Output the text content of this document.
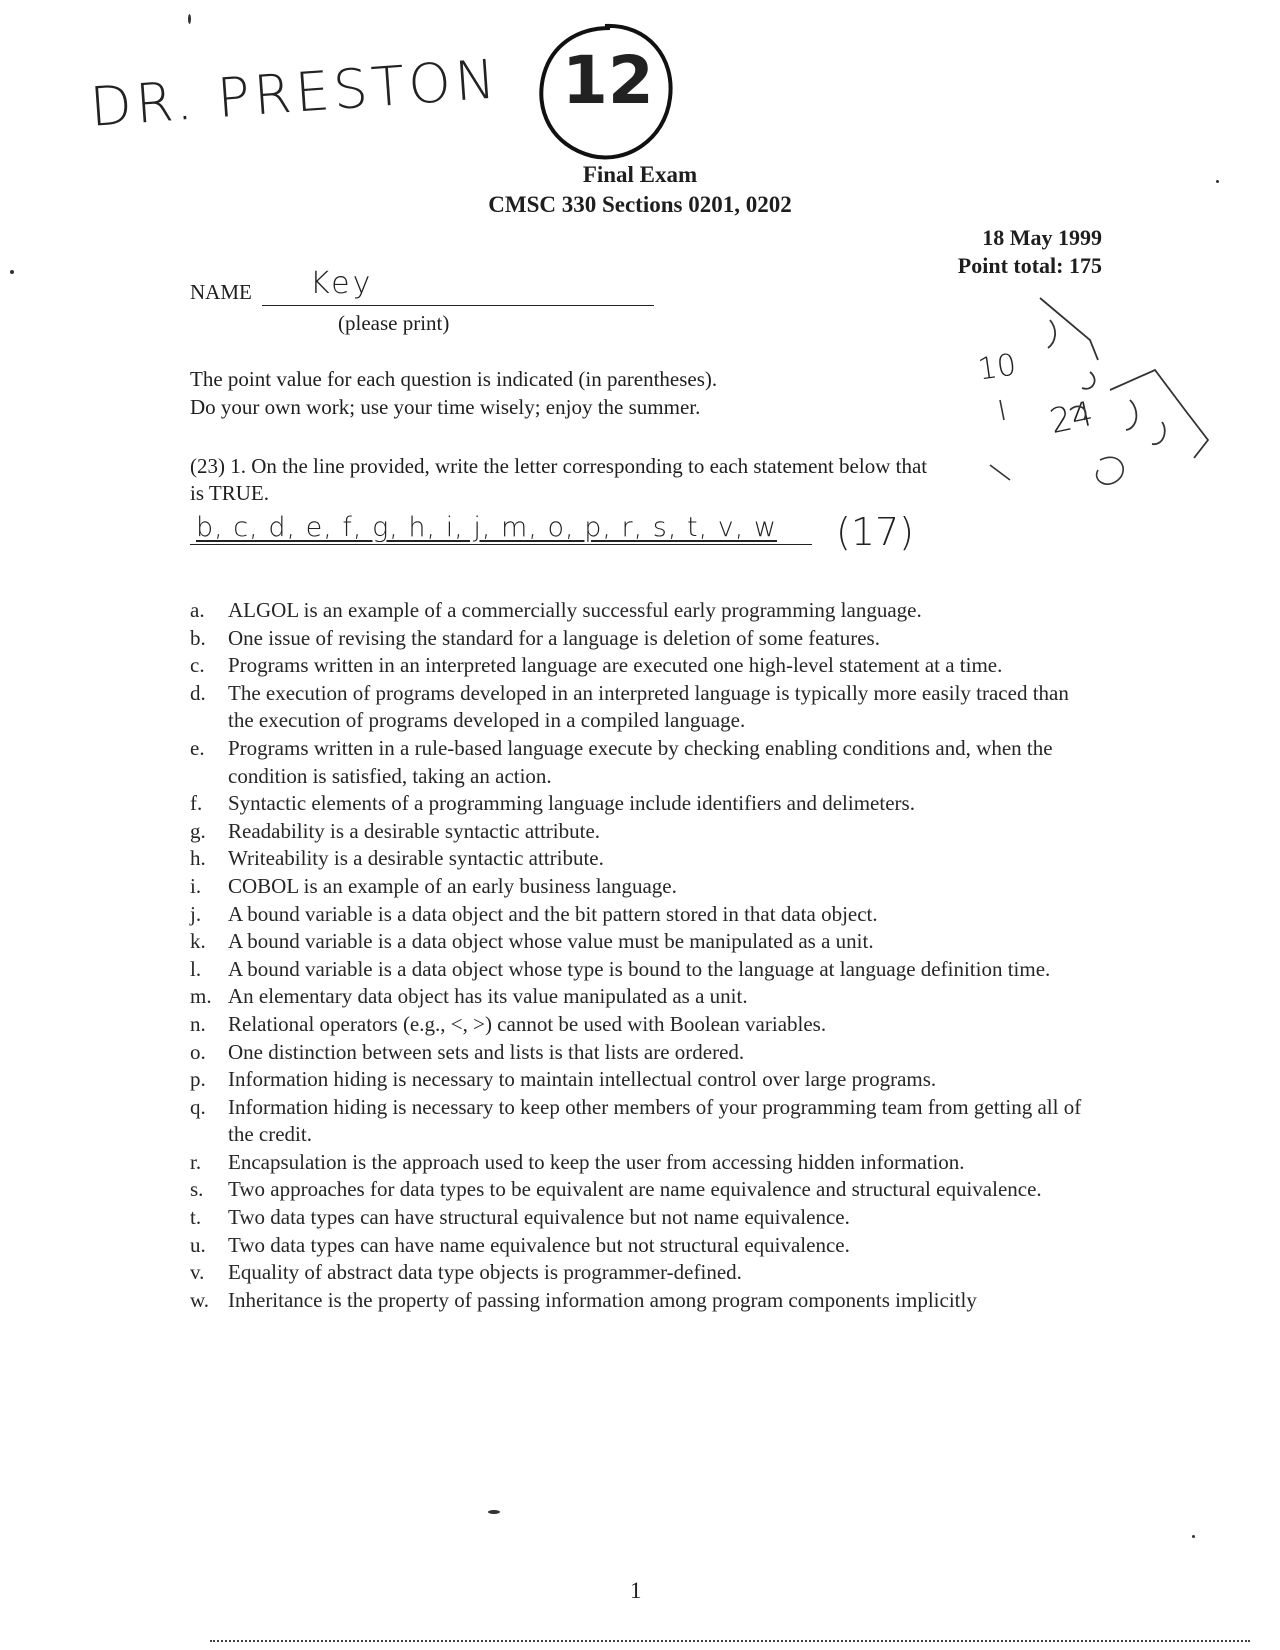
DR. PRESTON 12
Final Exam
CMSC 330 Sections 0201, 0202
18 May 1999
Point total: 175
NAME Key
(please print)
The point value for each question is indicated (in parentheses).
Do your own work; use your time wisely; enjoy the summer.
10
24
(23) 1. On the line provided, write the letter corresponding to each statement below that
is TRUE.
b, c, d, e, f, g, h, i, j, m, o, p, r, s, t, v, w (17)
a.	ALGOL is an example of a commercially successful early programming language.
b.	One issue of revising the standard for a language is deletion of some features.
c.	Programs written in an interpreted language are executed one high-level statement at a time.
d.	The execution of programs developed in an interpreted language is typically more easily traced than the execution of programs developed in a compiled language.
e.	Programs written in a rule-based language execute by checking enabling conditions and, when the condition is satisfied, taking an action.
f.	Syntactic elements of a programming language include identifiers and delimeters.
g.	Readability is a desirable syntactic attribute.
h.	Writeability is a desirable syntactic attribute.
i.	COBOL is an example of an early business language.
j.	A bound variable is a data object and the bit pattern stored in that data object.
k.	A bound variable is a data object whose value must be manipulated as a unit.
l.	A bound variable is a data object whose type is bound to the language at language definition time.
m. An elementary data object has its value manipulated as a unit.
n.	Relational operators (e.g., <, >) cannot be used with Boolean variables.
o.	One distinction between sets and lists is that lists are ordered.
p.	Information hiding is necessary to maintain intellectual control over large programs.
q.	Information hiding is necessary to keep other members of your programming team from getting all of the credit.
r.	Encapsulation is the approach used to keep the user from accessing hidden information.
s.	Two approaches for data types to be equivalent are name equivalence and structural equivalence.
t.	Two data types can have structural equivalence but not name equivalence.
u.	Two data types can have name equivalence but not structural equivalence.
v.	Equality of abstract data type objects is programmer-defined.
w. Inheritance is the property of passing information among program components implicitly
1
